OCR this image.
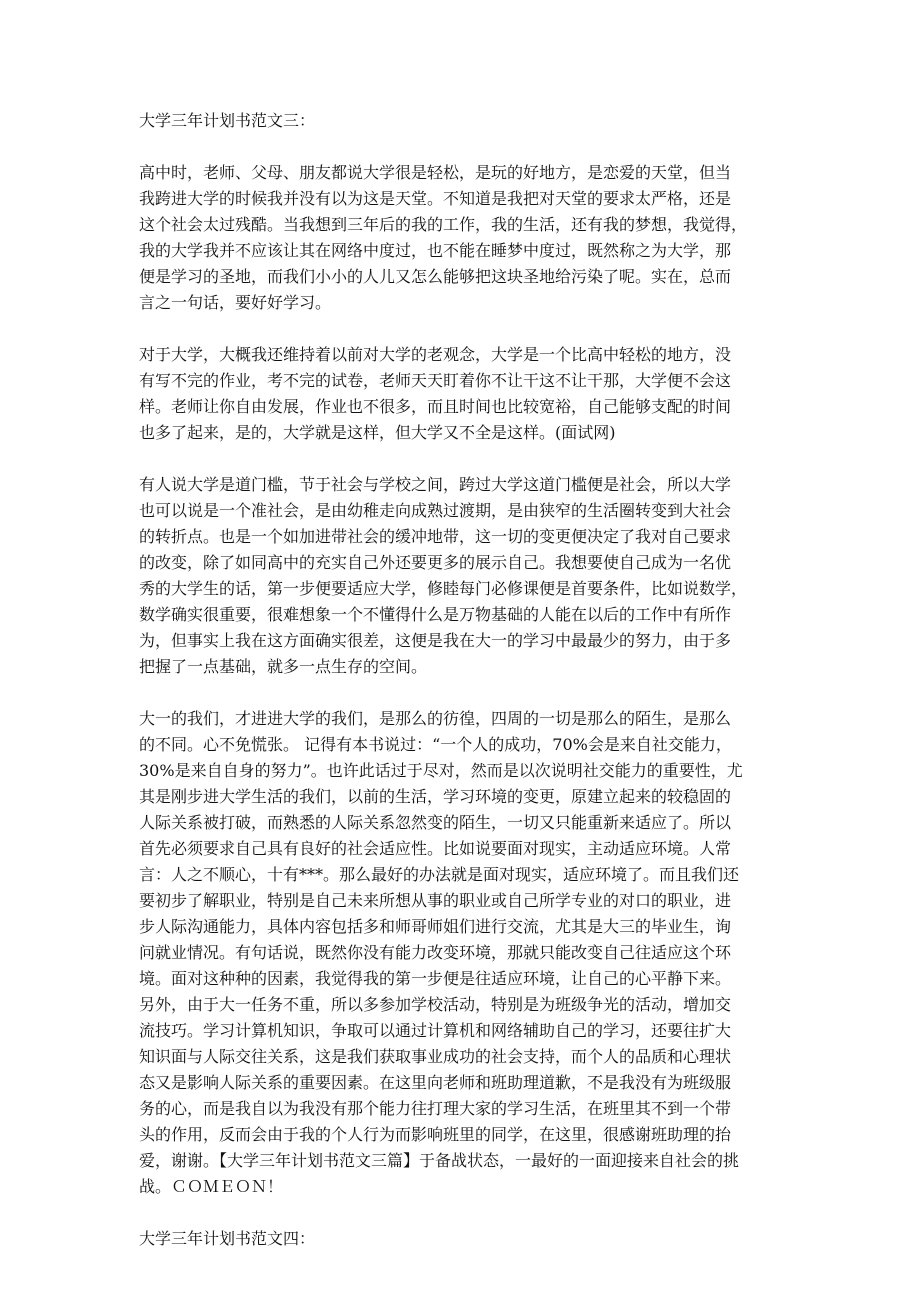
大学三年计划书范文三：
高中时，老师、父母、朋友都说大学很是轻松，是玩的好地方，是恋爱的天堂，但当
我跨进大学的时候我并没有以为这是天堂。不知道是我把对天堂的要求太严格，还是
这个社会太过残酷。当我想到三年后的我的工作，我的生活，还有我的梦想，我觉得，
我的大学我并不应该让其在网络中度过，也不能在睡梦中度过，既然称之为大学，那
便是学习的圣地，而我们小小的人儿又怎么能够把这块圣地给污染了呢。实在，总而
言之一句话，要好好学习。
对于大学，大概我还维持着以前对大学的老观念，大学是一个比高中轻松的地方，没
有写不完的作业，考不完的试卷，老师天天盯着你不让干这不让干那，大学便不会这
样。老师让你自由发展，作业也不很多，而且时间也比较宽裕，自己能够支配的时间
也多了起来，是的，大学就是这样，但大学又不全是这样。(面试网)
有人说大学是道门槛，节于社会与学校之间，跨过大学这道门槛便是社会，所以大学
也可以说是一个准社会，是由幼稚走向成熟过渡期，是由狭窄的生活圈转变到大社会
的转折点。也是一个如加进带社会的缓冲地带，这一切的变更便决定了我对自己要求
的改变，除了如同高中的充实自己外还要更多的展示自己。我想要使自己成为一名优
秀的大学生的话，第一步便要适应大学，修睦每门必修课便是首要条件，比如说数学，
数学确实很重要，很难想象一个不懂得什么是万物基础的人能在以后的工作中有所作
为，但事实上我在这方面确实很差，这便是我在大一的学习中最最少的努力，由于多
把握了一点基础，就多一点生存的空间。
大一的我们，才进进大学的我们，是那么的彷徨，四周的一切是那么的陌生，是那么
的不同。心不免慌张。 记得有本书说过：“一个人的成功，70%会是来自社交能力，
30%是来自自身的努力”。也许此话过于尽对，然而是以次说明社交能力的重要性，尤
其是刚步进大学生活的我们，以前的生活，学习环境的变更，原建立起来的较稳固的
人际关系被打破，而熟悉的人际关系忽然变的陌生，一切又只能重新来适应了。所以
首先必须要求自己具有良好的社会适应性。比如说要面对现实，主动适应环境。人常
言：人之不顺心，十有***。那么最好的办法就是面对现实，适应环境了。而且我们还
要初步了解职业，特别是自己未来所想从事的职业或自己所学专业的对口的职业，进
步人际沟通能力，具体内容包括多和师哥师姐们进行交流，尤其是大三的毕业生，询
问就业情况。有句话说，既然你没有能力改变环境，那就只能改变自己往适应这个环
境。面对这种种的因素，我觉得我的第一步便是往适应环境，让自己的心平静下来。
另外，由于大一任务不重，所以多参加学校活动，特别是为班级争光的活动，增加交
流技巧。学习计算机知识，争取可以通过计算机和网络辅助自己的学习，还要往扩大
知识面与人际交往关系，这是我们获取事业成功的社会支持，而个人的品质和心理状
态又是影响人际关系的重要因素。在这里向老师和班助理道歉，不是我没有为班级服
务的心，而是我自以为我没有那个能力往打理大家的学习生活，在班里其不到一个带
头的作用，反而会由于我的个人行为而影响班里的同学，在这里，很感谢班助理的抬
爱，谢谢。【大学三年计划书范文三篇】于备战状态，一最好的一面迎接来自社会的挑
战。ＣＯＭＥＯＮ！
大学三年计划书范文四：
